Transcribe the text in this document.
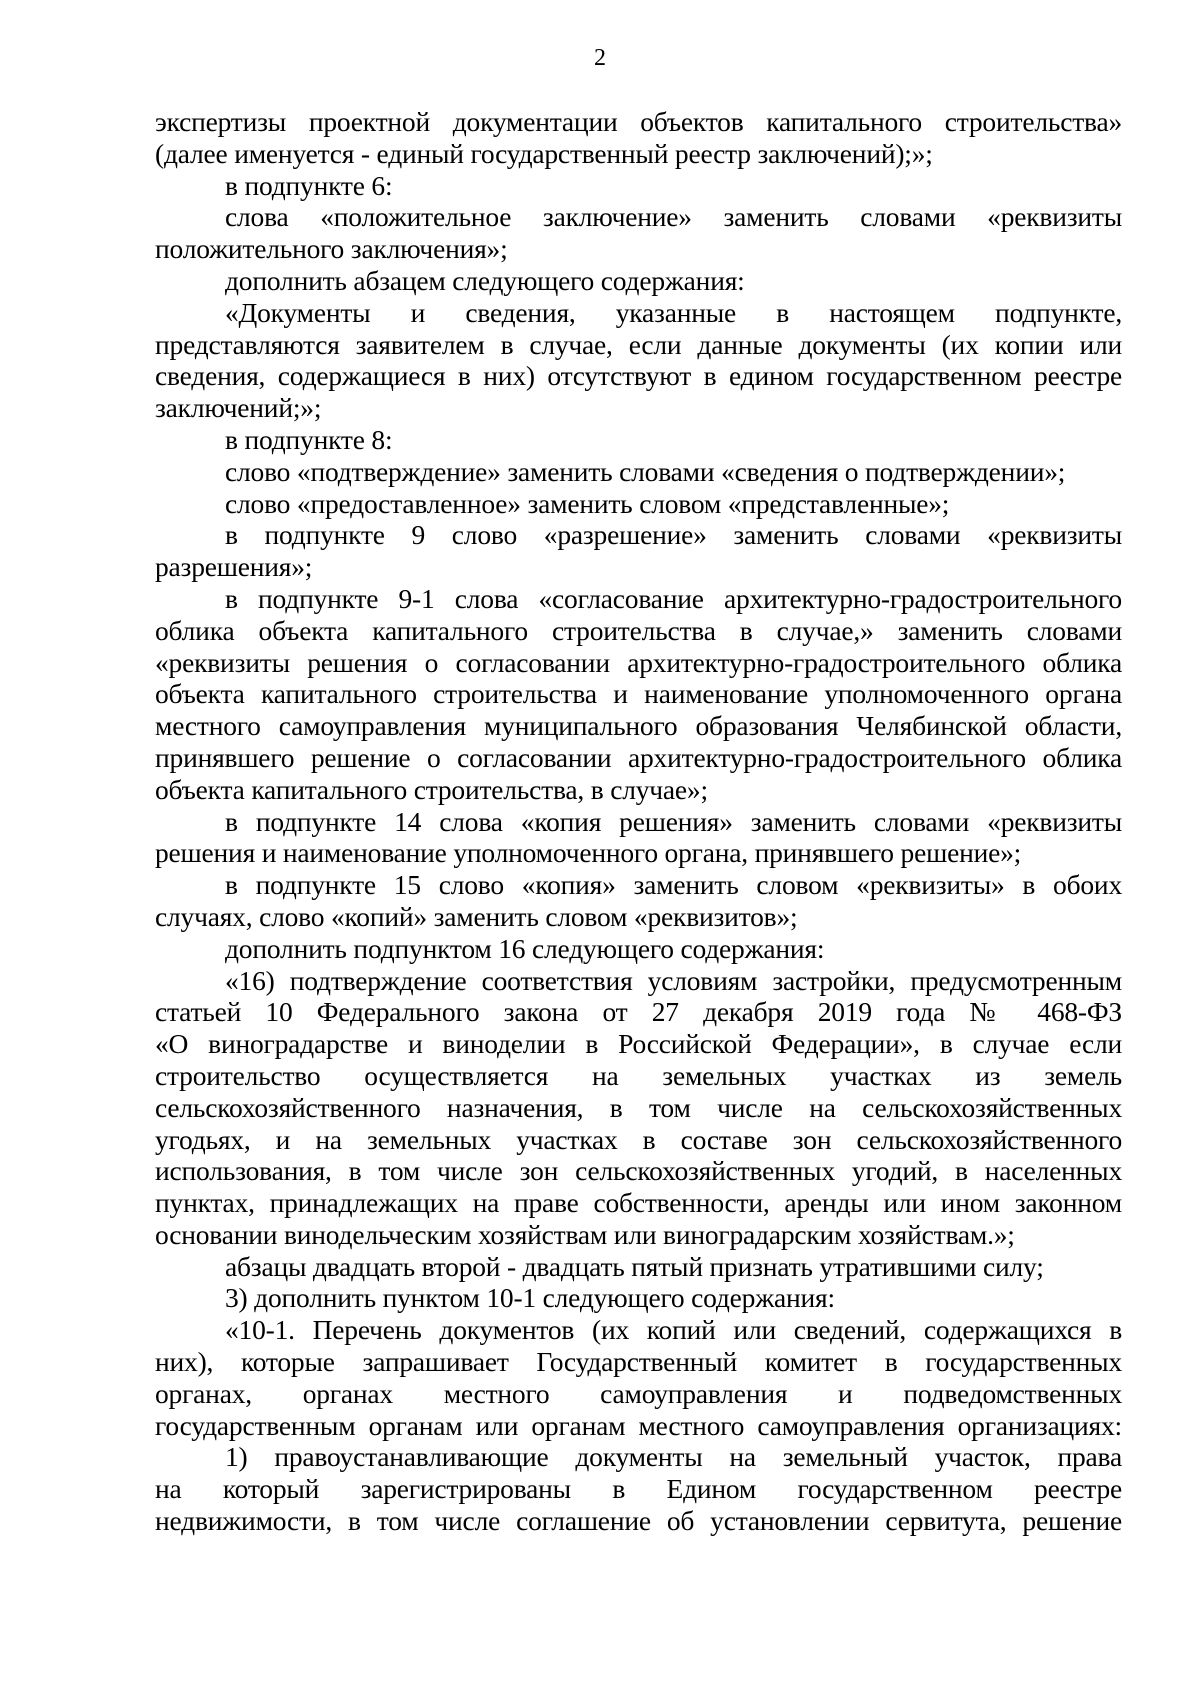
2
экспертизы проектной документации объектов капитального строительства»
(далее именуется - единый государственный реестр заключений);»;
в подпункте 6:
слова «положительное заключение» заменить словами «реквизиты
положительного заключения»;
дополнить абзацем следующего содержания:
«Документы и сведения, указанные в настоящем подпункте,
представляются заявителем в случае, если данные документы (их копии или
сведения, содержащиеся в них) отсутствуют в едином государственном реестре
заключений;»;
в подпункте 8:
слово «подтверждение» заменить словами «сведения о подтверждении»;
слово «предоставленное» заменить словом «представленные»;
в подпункте 9 слово «разрешение» заменить словами «реквизиты
разрешения»;
в подпункте 9-1 слова «согласование архитектурно-градостроительного
облика объекта капитального строительства в случае,» заменить словами
«реквизиты решения о согласовании архитектурно-градостроительного облика
объекта капитального строительства и наименование уполномоченного органа
местного самоуправления муниципального образования Челябинской области,
принявшего решение о согласовании архитектурно-градостроительного облика
объекта капитального строительства, в случае»;
в подпункте 14 слова «копия решения» заменить словами «реквизиты
решения и наименование уполномоченного органа, принявшего решение»;
в подпункте 15 слово «копия» заменить словом «реквизиты» в обоих
случаях, слово «копий» заменить словом «реквизитов»;
дополнить подпунктом 16 следующего содержания:
«16) подтверждение соответствия условиям застройки, предусмотренным
статьей 10 Федерального закона от 27 декабря 2019 года № 468-ФЗ
«О виноградарстве и виноделии в Российской Федерации», в случае если
строительство осуществляется на земельных участках из земель
сельскохозяйственного назначения, в том числе на сельскохозяйственных
угодьях, и на земельных участках в составе зон сельскохозяйственного
использования, в том числе зон сельскохозяйственных угодий, в населенных
пунктах, принадлежащих на праве собственности, аренды или ином законном
основании винодельческим хозяйствам или виноградарским хозяйствам.»;
абзацы двадцать второй - двадцать пятый признать утратившими силу;
3) дополнить пунктом 10-1 следующего содержания:
«10-1. Перечень документов (их копий или сведений, содержащихся в
них), которые запрашивает Государственный комитет в государственных
органах, органах местного самоуправления и подведомственных
государственным органам или органам местного самоуправления организациях:
1) правоустанавливающие документы на земельный участок, права
на который зарегистрированы в Едином государственном реестре
недвижимости, в том числе соглашение об установлении сервитута, решение
